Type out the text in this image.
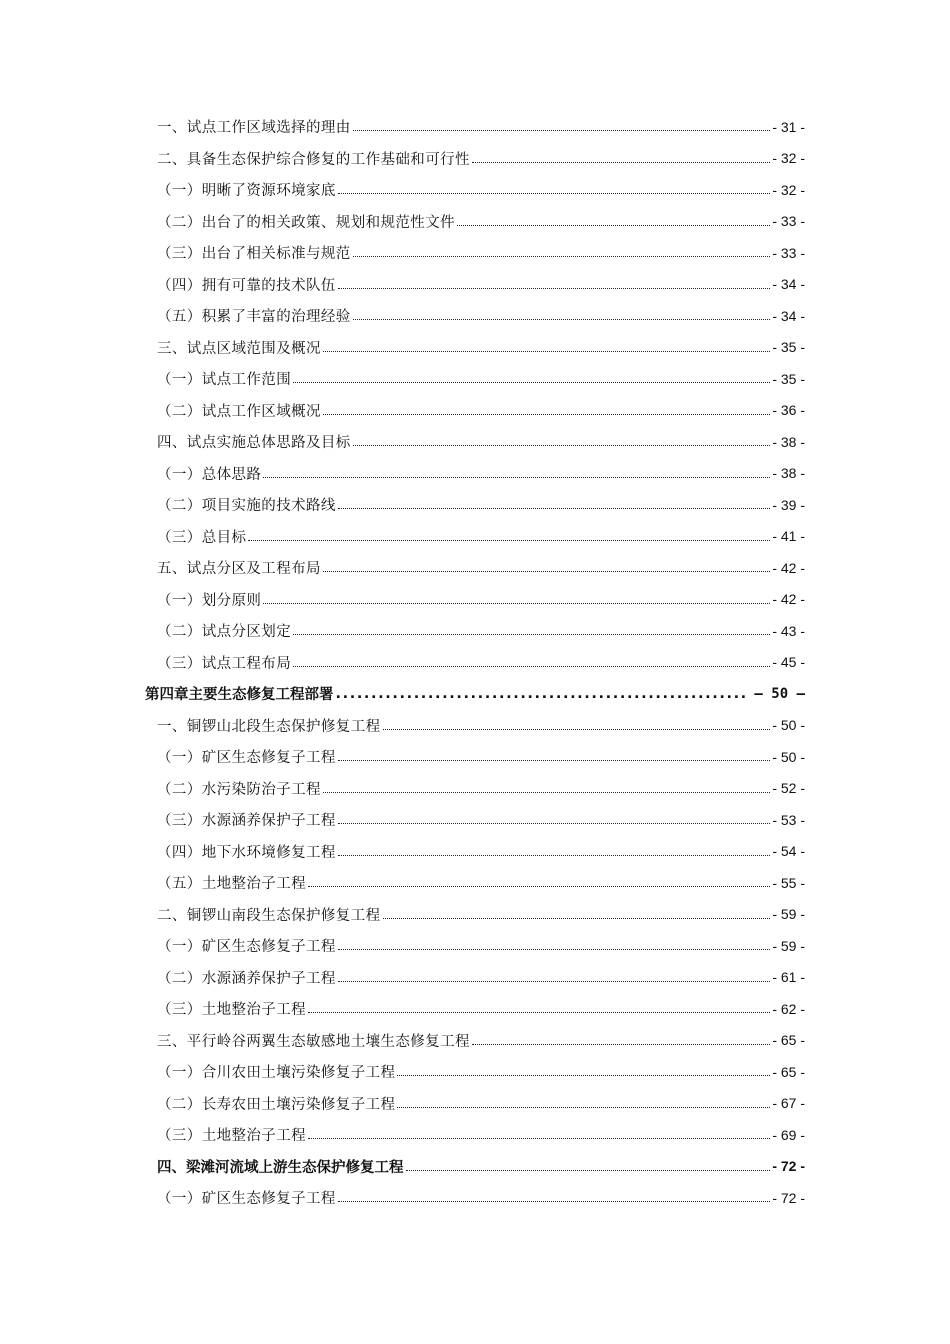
一、试点工作区域选择的理由	- 31 -
二、具备生态保护综合修复的工作基础和可行性	- 32 -
（一）明晰了资源环境家底	- 32 -
（二）出台了的相关政策、规划和规范性文件	- 33 -
（三）出台了相关标准与规范	- 33 -
（四）拥有可靠的技术队伍	- 34 -
（五）积累了丰富的治理经验	- 34 -
三、试点区域范围及概况	- 35 -
（一）试点工作范围	- 35 -
（二）试点工作区域概况	- 36 -
四、试点实施总体思路及目标	- 38 -
（一）总体思路	- 38 -
（二）项目实施的技术路线	- 39 -
（三）总目标	- 41 -
五、试点分区及工程布局	- 42 -
（一）划分原则	- 42 -
（二）试点分区划定	- 43 -
（三）试点工程布局	- 45 -
第四章主要生态修复工程部署
.....	– 50 –
一、铜锣山北段生态保护修复工程	- 50 -
（一）矿区生态修复子工程	- 50 -
（二）水污染防治子工程	- 52 -
（三）水源涵养保护子工程	- 53 -
（四）地下水环境修复工程	- 54 -
（五）土地整治子工程	- 55 -
二、铜锣山南段生态保护修复工程	- 59 -
（一）矿区生态修复子工程	- 59 -
（二）水源涵养保护子工程	- 61 -
（三）土地整治子工程	- 62 -
三、平行岭谷两翼生态敏感地土壤生态修复工程	- 65 -
（一）合川农田土壤污染修复子工程	- 65 -
（二）长寿农田土壤污染修复子工程	- 67 -
（三）土地整治子工程	- 69 -
四、梁滩河流域上游生态保护修复工程	- 72 -
（一）矿区生态修复子工程	- 72 -
